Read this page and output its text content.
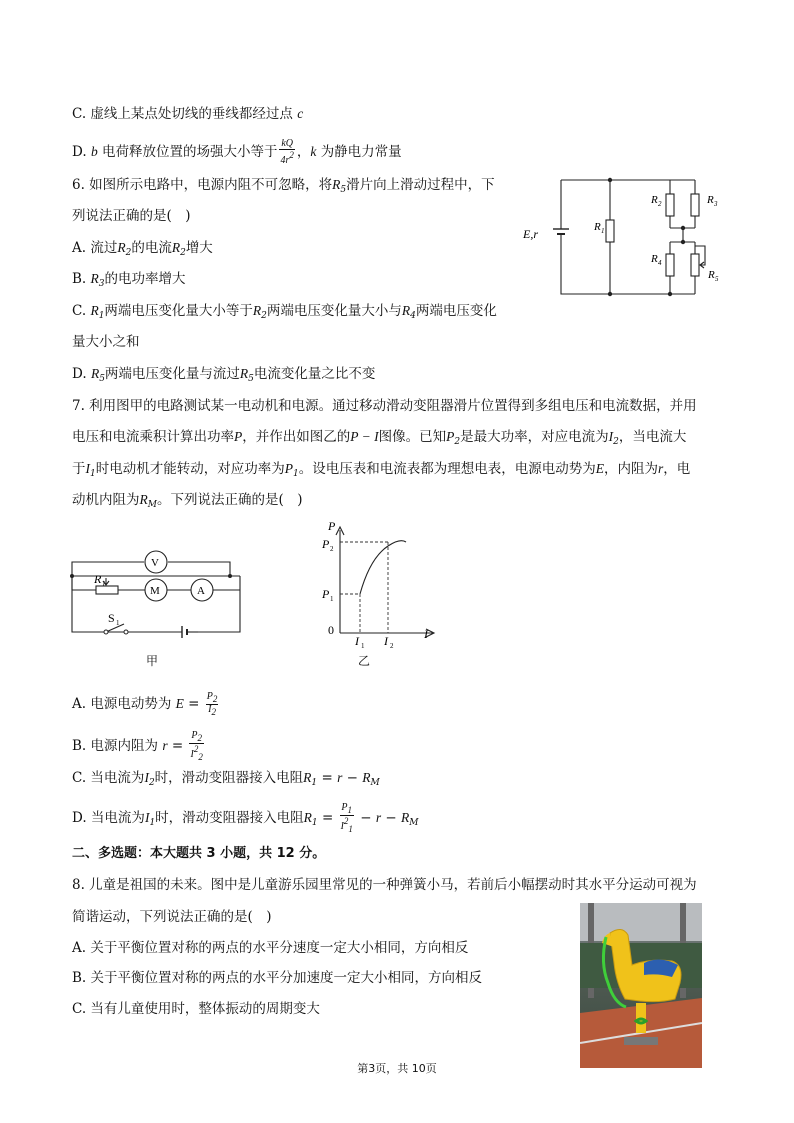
C. 虚线上某点处切线的垂线都经过点 c
D. b 电荷释放位置的场强大小等于 $\frac{kQ}{4r^2}$ ，k 为静电力常量
6. 如图所示电路中，电源内阻不可忽略，将$R_5$滑片向上滑动过程中，下
列说法正确的是(　)
A. 流过$R_2$的电流$R_2$增大
B. $R_3$的电功率增大
C. $R_1$两端电压变化量大小等于$R_2$两端电压变化量大小与$R_4$两端电压变化
量大小之和
D. $R_5$两端电压变化量与流过$R_5$电流变化量之比不变
E,r	R 1
R 2	R 3
R 4
R 5
7. 利用图甲的电路测试某一电动机和电源。通过移动滑动变阻器滑片位置得到多组电压和电流数据，并用
电压和电流乘积计算出功率P，并作出如图乙的P − I图像。已知$P_2$是最大功率，对应电流为$I_2$，当电流大
于$I_1$时电动机才能转动，对应功率为$P_1$。设电压表和电流表都为理想电表，电源电动势为E，内阻为r，电
动机内阻为$R_M$。下列说法正确的是(　)
V
M	A
R 1
S 1
甲
P
P 2
P 1
0
I 1 I 2
I
乙
A. 电源电动势为 $E = \frac{P_2}{I_2}$
B. 电源内阻为 $r = \frac{P_2}{I^2_2}$
C. 当电流为$I_2$时，滑动变阻器接入电阻$R_1 = r - R_M$
D. 当电流为$I_1$时，滑动变阻器接入电阻$R_1 = \frac{P_1}{I^2_1} - r - R_M$
二、多选题：本大题共 3 小题，共 12 分。
8. 儿童是祖国的未来。图中是儿童游乐园里常见的一种弹簧小马，若前后小幅摆动时其水平分运动可视为
简谐运动，下列说法正确的是(　)
A. 关于平衡位置对称的两点的水平分速度一定大小相同，方向相反
B. 关于平衡位置对称的两点的水平分加速度一定大小相同，方向相反
C. 当有儿童使用时，整体振动的周期变大
第3页，共 10页
